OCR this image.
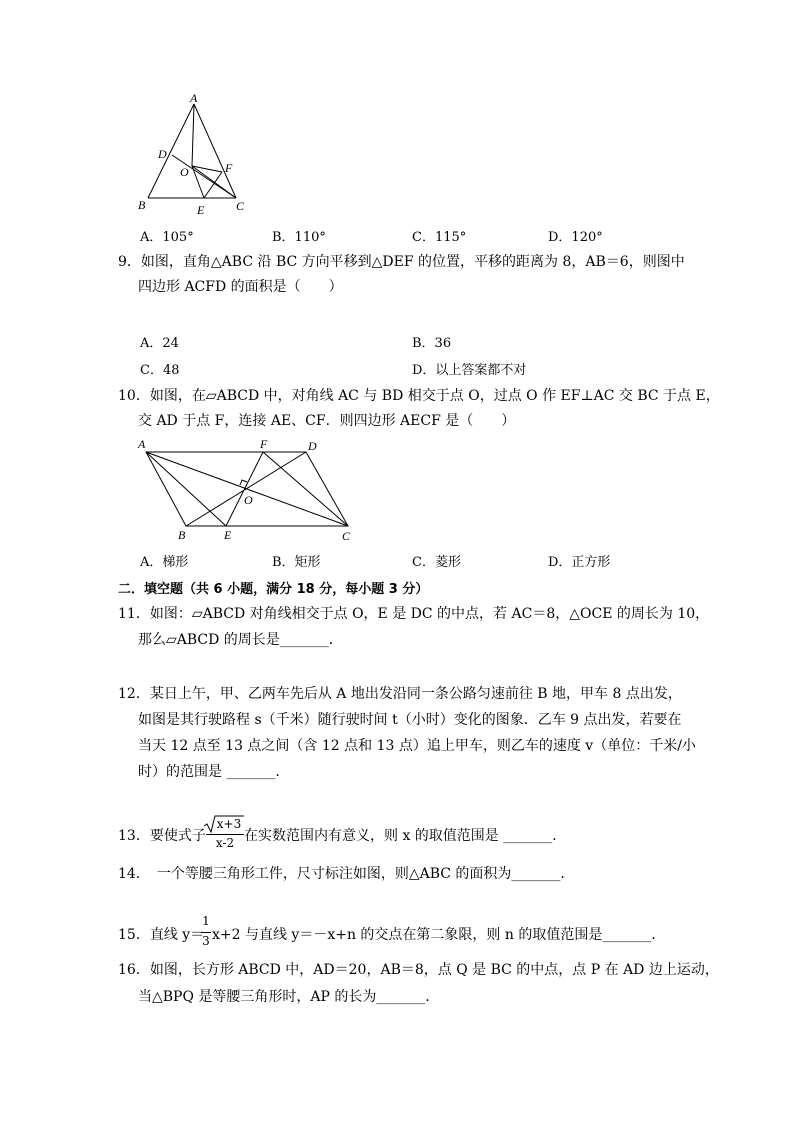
A
D
O	F
B	E	C
A．105°	B．110°	C．115°	D．120°
9．如图，直角△ABC 沿 BC 方向平移到△DEF 的位置，平移的距离为 8，AB＝6，则图中
四边形 ACFD 的面积是（　　）
A．24	B．36
C．48	D．以上答案都不对
10．如图，在▱ABCD 中，对角线 AC 与 BD 相交于点 O，过点 O 作 EF⊥AC 交 BC 于点 E，
交 AD 于点 F，连接 AE、CF．则四边形 AECF 是（　　）
A	F	D
O
B	E	C
A．梯形	B．矩形	C．菱形	D．正方形
二．填空题（共 6 小题，满分 18 分，每小题 3 分）
11．如图：▱ABCD 对角线相交于点 O，E 是 DC 的中点，若 AC＝8，△OCE 的周长为 10，
那么▱ABCD 的周长是_______．
12．某日上午，甲、乙两车先后从 A 地出发沿同一条公路匀速前往 B 地，甲车 8 点出发，
如图是其行驶路程 s（千米）随行驶时间 t（小时）变化的图象．乙车 9 点出发，若要在
当天 12 点至 13 点之间（含 12 点和 13 点）追上甲车，则乙车的速度 v（单位：千米/小
时）的范围是 _______．
13．要使式子
x+3
x-2 在实数范围内有意义，则 x 的取值范围是 _______．
14．　一个等腰三角形工件，尺寸标注如图，则△ABC 的面积为_______．
15．直线 y＝
1
3 x+2 与直线 y＝－x+n 的交点在第二象限，则 n 的取值范围是_______．
16．如图，长方形 ABCD 中，AD＝20，AB＝8，点 Q 是 BC 的中点，点 P 在 AD 边上运动，
当△BPQ 是等腰三角形时，AP 的长为_______．
